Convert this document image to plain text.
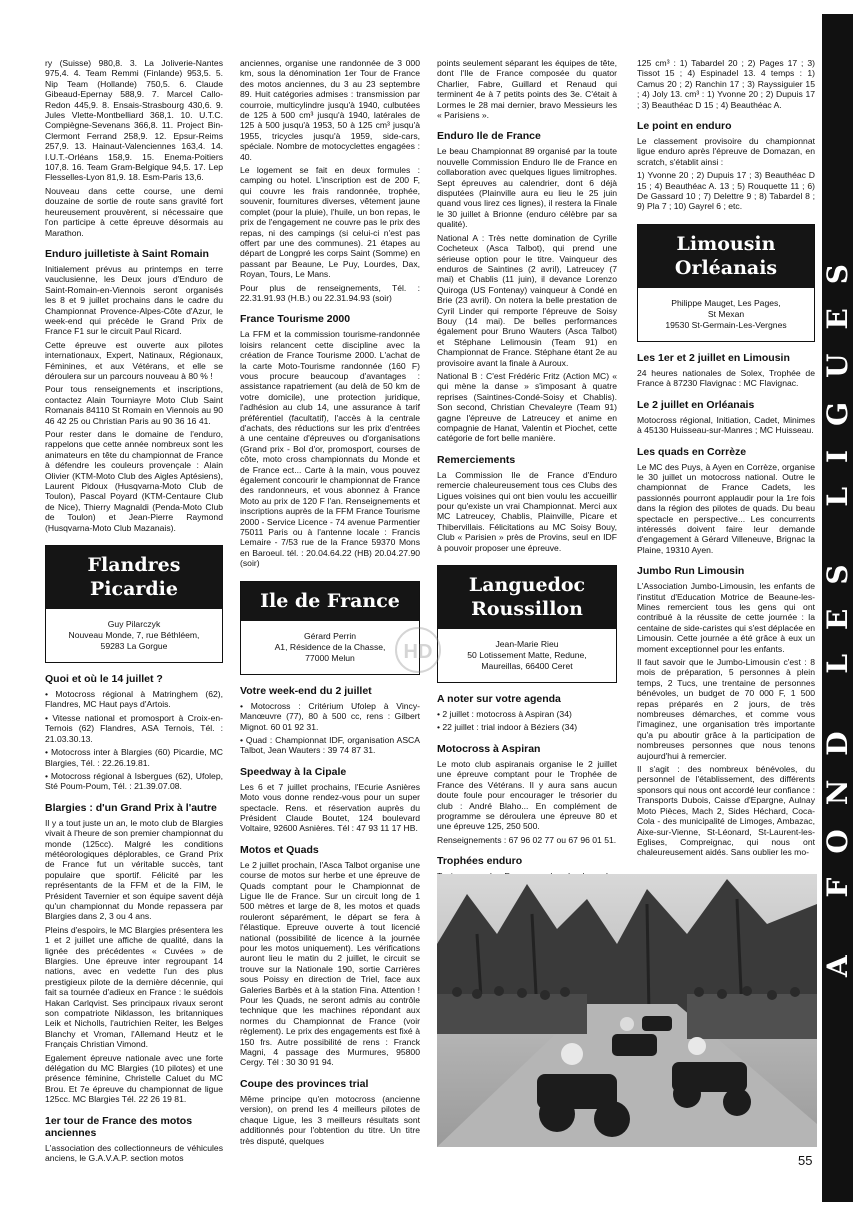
A FOND LES LIGUES

ry (Suisse) 980,8. 3. La Joliverie-Nantes 975,4. 4. Team Remmi (Finlande) 953,5. 5. Nip Team (Hollande) 750,5. 6. Claude Gibeaud-Epernay 588,9. 7. Marcel Callo-Redon 445,9. 8. Ensais-Strasbourg 430,6. 9. Jules Vlette-Montbelliard 368,1. 10. U.T.C. Compiègne-Sevenans 366,8. 11. Project Bin-Clermont Ferrand 258,9. 12. Epsur-Reims 257,9. 13. Hainaut-Valenciennes 163,4. 14. I.U.T.-Orléans 158,9. 15. Enema-Poitiers 107,8. 16. Team Gram-Belgique 94,5. 17. Lep Flesselles-Lyon 81,9. 18. Esm-Paris 13,6.

Nouveau dans cette course, une demi douzaine de sortie de route sans gravité fort heureusement prouvèrent, si nécessaire que l'on participe à cette épreuve désormais au Marathon.

Enduro juilletiste à Saint Romain

Initialement prévus au printemps en terre vauclusienne, les Deux jours d'Enduro de Saint-Romain-en-Viennois seront organisés les 8 et 9 juillet prochains dans le cadre du Championnat Provence-Alpes-Côte d'Azur, le week-end qui précède le Grand Prix de France F1 sur le circuit Paul Ricard.

Cette épreuve est ouverte aux pilotes internationaux, Expert, Natinaux, Régionaux, Féminines, et aux Vétérans, et elle se déroulera sur un parcours nouveau à 80 % !

Pour tous renseignements et inscriptions, contactez Alain Tourniayre Moto Club Saint Romanais 84110 St Romain en Viennois au 90 46 42 25 ou Christian Paris au 90 36 16 41.

Pour rester dans le domaine de l'enduro, rappelons que cette année nombreux sont les animateurs en tête du championnat de France à défendre les couleurs provençale : Alain Olivier (KTM-Moto Club des Aigles Aptésiens), Laurent Pidoux (Husqvarna-Moto Club de Toulon), Pascal Poyard (KTM-Centaure Club de Nice), Thierry Magnaldi (Penda-Moto Club de Toulon) et Jean-Pierre Raymond (Husqvarna-Moto Club Mazanais).

Flandres
Picardie
Guy Pilarczyk
Nouveau Monde, 7, rue Béthléem,
59283 La Gorgue
Quoi et où le 14 juillet ?

• Motocross régional à Matringhem (62), Flandres, MC Haut pays d'Artois.

• Vitesse national et promosport à Croix-en-Ternois (62) Flandres, ASA Ternois, Tél. : 21.03.30.13.

• Motocross inter à Blargies (60) Picardie, MC Blargies, Tél. : 22.26.19.81.

• Motocross régional à Isbergues (62), Ufolep, Sté Poum-Poum, Tél. : 21.39.07.08.

Blargies : d'un Grand Prix à l'autre

Il y a tout juste un an, le moto club de Blargies vivait à l'heure de son premier championnat du monde (125cc). Malgré les conditions météorologiques déplorables, ce Grand Prix de France fut un véritable succès, tant populaire que sportif. Félicité par les représentants de la FFM et de la FIM, le Président Tavernier et son équipe savent déjà qu'un championnat du Monde repassera par Blargies dans 2, 3 ou 4 ans.

Pleins d'espoirs, le MC Blargies présentera les 1 et 2 juillet une affiche de qualité, dans la lignée des précédentes « Cuvées » de Blargies. Une épreuve inter regroupant 14 nations, avec en vedette l'un des plus prestigieux pilote de la dernière décennie, qui fait sa tournée d'adieux en France : le suédois Hakan Carlqvist. Ses principaux rivaux seront son compatriote Niklasson, les britanniques Leik et Nicholls, l'autrichien Reiter, les Belges Blanchy et Vroman, l'Allemand Heutz et le Français Christian Vimond.

Egalement épreuve nationale avec une forte délégation du MC Blargies (10 pilotes) et une présence féminine, Christelle Caluet du MC Brou. Et 7e épreuve du championnat de ligue 125cc. MC Blargies Tél. 22 26 19 81.

1er tour de France des motos anciennes

L'association des collectionneurs de véhicules anciens, le G.A.V.A.P. section motos

anciennes, organise une randonnée de 3 000 km, sous la dénomination 1er Tour de France des motos anciennes, du 3 au 23 septembre 89. Huit catégories admises : transmission par courroie, multicylindre jusqu'à 1940, culbutées de 125 à 500 cm³ jusqu'à 1940, latérales de 125 à 500 jusqu'à 1953, 50 à 125 cm³ jusqu'à 1955, tricycles jusqu'à 1959, side-cars, spéciale. Nombre de motocyclettes engagées : 40.

Le logement se fait en deux formules : camping ou hotel. L'inscription est de 200 F, qui couvre les frais randonnée, trophée, souvenir, fournitures diverses, vêtement jaune complet (pour la pluie), l'huile, un bon repas, le prix de l'engagement ne couvre pas le prix des repas, ni des campings (si celui-ci n'est pas offert par une des communes). 21 étapes au départ de Longpré les corps Saint (Somme) en passant par Beaune, Le Puy, Lourdes, Dax, Royan, Tours, Le Mans.

Pour plus de renseignements, Tél. : 22.31.91.93 (H.B.) ou 22.31.94.93 (soir)

France Tourisme 2000

La FFM et la commission tourisme-randonnée loisirs relancent cette discipline avec la création de France Tourisme 2000. L'achat de la carte Moto-Tourisme randonnée (160 F) vous procure beaucoup d'avantages : assistance rapatriement (au delà de 50 km de votre domicile), une protection juridique, l'adhésion au club 14, une assurance à tarif préférentiel (facultatif), l'accès à la centrale d'achats, des réductions sur les prix d'entrées à une centaine d'épreuves ou d'organisations (Grand prix - Bol d'or, promosport, courses de côte, moto cross championnats du Monde et de France ect... Carte à la main, vous pouvez également concourir le championnat de France des randonneurs, et vous abonnez à France Moto au prix de 120 F l'an. Renseignements et inscriptions auprès de la FFM France Tourisme 2000 - Service Licence - 74 avenue Parmentier 75011 Paris ou à l'antenne locale : Francis Lemaire - 7/53 rue de la France 59370 Mons en Baroeul. tél. : 20.04.64.22 (HB) 20.04.27.90 (soir)

Ile de France
Gérard Perrin
A1, Résidence de la Chasse,
77000 Melun
Votre week-end du 2 juillet

• Motocross : Critérium Ufolep à Vincy-Manœuvre (77), 80 à 500 cc, rens : Gilbert Mignot. 60 01 92 31.

• Quad : Championnat IDF, organisation ASCA Talbot, Jean Wauters : 39 74 87 31.

Speedway à la Cipale

Les 6 et 7 juillet prochains, l'Ecurie Asnières Moto vous donne rendez-vous pour un super spectacle. Rens. et réservation auprès du Président Claude Boutet, 124 boulevard Voltaire, 92600 Asnières. Tél : 47 93 11 17 HB.

Motos et Quads

Le 2 juillet prochain, l'Asca Talbot organise une course de motos sur herbe et une épreuve de Quads comptant pour le Championnat de Ligue Ile de France. Sur un circuit long de 1 500 mètres et large de 8, les motos et quads rouleront séparément, le départ se fera à l'élastique. Epreuve ouverte à tout licencié national (possibilité de licence à la journée pour les motos uniquement). Les vérifications auront lieu le matin du 2 juillet, le circuit se trouve sur la Nationale 190, sortie Carrières sous Poissy en direction de Triel, face aux Galeries Barbès et à la station Fina. Attention ! Pour les Quads, ne seront admis au contrôle technique que les machines répondant aux normes du Championnat de France (voir règlement). Le prix des engagements est fixé à 150 frs. Autre possibilité de rens : Franck Magni, 4 passage des Murmures, 95800 Cergy. Tél : 30 30 91 94.

Coupe des provinces trial

Même principe qu'en motocross (ancienne version), on prend les 4 meilleurs pilotes de chaque Ligue, les 3 meilleurs résultats sont additionnés pour l'obtention du titre. Un titre très disputé, quelques

points seulement séparant les équipes de tête, dont l'Ile de France composée du quator Charlier, Fabre, Guillard et Renaud qui terminent 4e à 7 petits points des 3e. C'était à Lormes le 28 mai dernier, bravo Messieurs les « Parisiens ».

Enduro Ile de France

Le beau Championnat 89 organisé par la toute nouvelle Commission Enduro Ile de France en collaboration avec quelques ligues limitrophes. Sept épreuves au calendrier, dont 6 déjà disputées (Plainville aura eu lieu le 25 juin quand vous lirez ces lignes), il restera la Finale le 30 juillet à Brionne (enduro célèbre par sa qualité).

National A : Très nette domination de Cyrille Cocheteux (Asca Talbot), qui prend une sérieuse option pour le titre. Vainqueur des enduros de Saintines (2 avril), Latreucey (7 mai) et Chablis (11 juin), il devance Lorenzo Quiroga (US Fontenay) vainqueur à Condé en Brie (23 avril). On notera la belle prestation de Cyril Linder qui remporte l'épreuve de Soisy Bouy (14 mai). De belles performances également pour Bruno Wauters (Asca Talbot) et Stéphane Lelimousin (Team 91) en Championnat de France. Stéphane étant 2e au provisoire avant la finale à Auroux.

National B : C'est Frédéric Fritz (Action MC) « qui mène la danse » s'imposant à quatre reprises (Saintines-Condé-Soisy et Chablis). Son second, Christian Chevaleyre (Team 91) gagne l'épreuve de Latreucey et anime en compagnie de Hanat, Valentin et Piochet, cette catégorie de fort belle manière.

Remerciements

La Commission Ile de France d'Enduro remercie chaleureusement tous ces Clubs des Ligues voisines qui ont bien voulu les accueillir pour qu'existe un vrai Championnat. Merci aux MC Latreucey, Chablis, Plainville, Picare et Thibervillais. Félicitations au MC Soisy Bouy, Club « Parisien » près de Provins, seul en IDF à pouvoir proposer une épreuve.

Languedoc
Roussillon
Jean-Marie Rieu
50 Lotissement Matte, Redune,
Maureillas, 66400 Ceret
A noter sur votre agenda

• 2 juillet : motocross à Aspiran (34)

• 22 juillet : trial indoor à Béziers (34)

Motocross à Aspiran

Le moto club aspiranais organise le 2 juillet une épreuve comptant pour le Trophée de France des Vétérans. Il y aura sans aucun doute foule pour encourager le trésorier du club : André Blaho... En complément de programme se déroulera une épreuve 80 et une épreuve 125, 250 500.

Renseignements : 67 96 02 77 ou 67 96 01 51.

Trophées enduro

125 cm³ : 1) Tabardel 20 ; 2) Pages 17 ; 3) Tissot 15 ; 4) Espinadel 13. 4 temps : 1) Camus 20 ; 2) Ranchin 17 ; 3) Rayssiguier 15 ; 4) Joly 13. cm³ : 1) Yvonne 20 ; 2) Dupuis 17 ; 3) Beauthéac D 15 ; 4) Beauthéac A.

Le point en enduro

Le classement provisoire du championnat ligue enduro après l'épreuve de Domazan, en scratch, s'établit ainsi :

1) Yvonne 20 ; 2) Dupuis 17 ; 3) Beauthéac D 15 ; 4) Beauthéac A. 13 ; 5) Rouquette 11 ; 6) De Gassard 10 ; 7) Delettre 9 ; 8) Tabardel 8 ; 9) Pla 7 ; 10) Gayrel 6 ; etc.

Limousin
Orléanais
Philippe Mauget, Les Pages,
St Mexan
19530 St-Germain-Les-Vergnes
Les 1er et 2 juillet en Limousin

24 heures nationales de Solex, Trophée de France à 87230 Flavignac : MC Flavignac.

Le 2 juillet en Orléanais

Motocross régional, Initiation, Cadet, Minimes à 45130 Huisseau-sur-Manres ; MC Huisseau.

Les quads en Corrèze

Le MC des Puys, à Ayen en Corrèze, organise le 30 juillet un motocross national. Outre le championnat de France Cadets, les passionnés pourront applaudir pour la 1re fois dans la région des pilotes de quads. Du beau spectacle en perspective... Les concurrents intéressés doivent faire leur demande d'engagement à Gérard Villeneuve, Brignac la Plaine, 19310 Ayen.

Jumbo Run Limousin

L'Association Jumbo-Limousin, les enfants de l'institut d'Education Motrice de Beaune-les-Mines remercient tous les gens qui ont contribué à la réussite de cette journée : la centaine de side-caristes qui s'est déplacée en Limousin. Cette journée a été grâce à eux un moment exceptionnel pour les enfants.

Il faut savoir que le Jumbo-Limousin c'est : 8 mois de préparation, 5 personnes à plein temps, 2 Tucs, une trentaine de personnes bénévoles, un budget de 70 000 F, 1 500 repas préparés en 2 jours, de très nombreuses démarches, et comme vous l'imaginez, une organisation très importante qu'a pu aboutir grâce à la participation de nombreuses personnes que nous tenons aujourd'hui à remercier.

Il s'agit : des nombreux bénévoles, du personnel de l'établissement, des différents sponsors qui nous ont accordé leur confiance : Transports Dubois, Caisse d'Epargne, Aulnay Moto Pièces, Mach 2, Sides Héchard, Coca-Cola - des municipalité de Limoges, Ambazac, Aixe-sur-Vienne, St-Léonard, St-Laurent-les-Eglises, Compreignac, qui nous ont chaleureusement aidés. Sans oublier les mo-

HD
55
